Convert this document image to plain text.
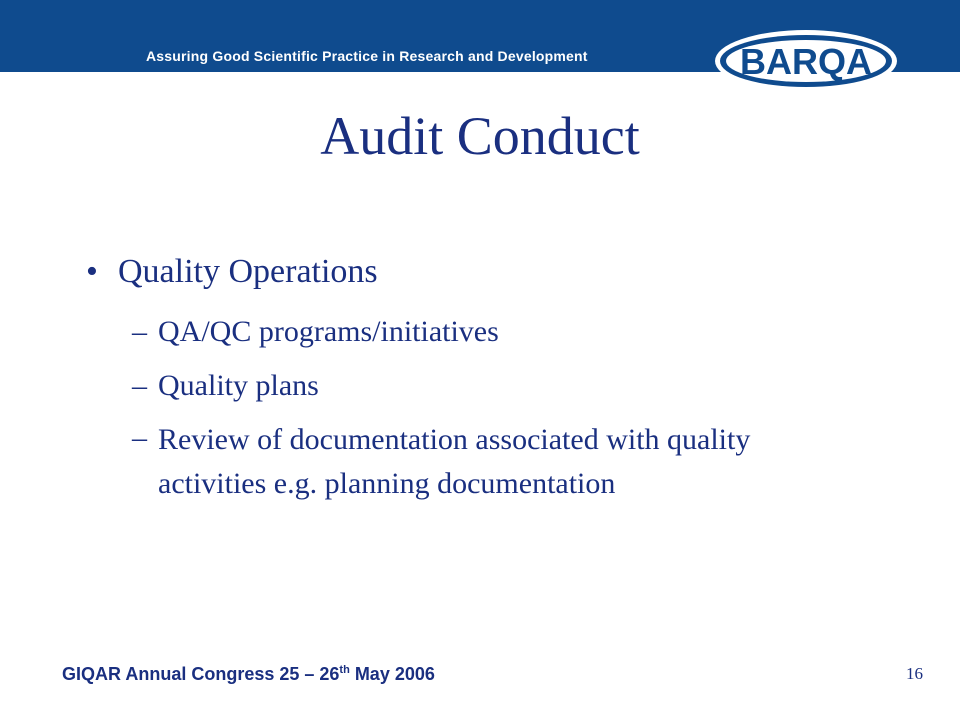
Assuring Good Scientific Practice in Research and Development	BARQA
Audit Conduct
• Quality Operations
– QA/QC programs/initiatives
– Quality plans
– Review of documentation associated with quality activities e.g. planning documentation
GIQAR Annual Congress 25 – 26th May 2006	16
